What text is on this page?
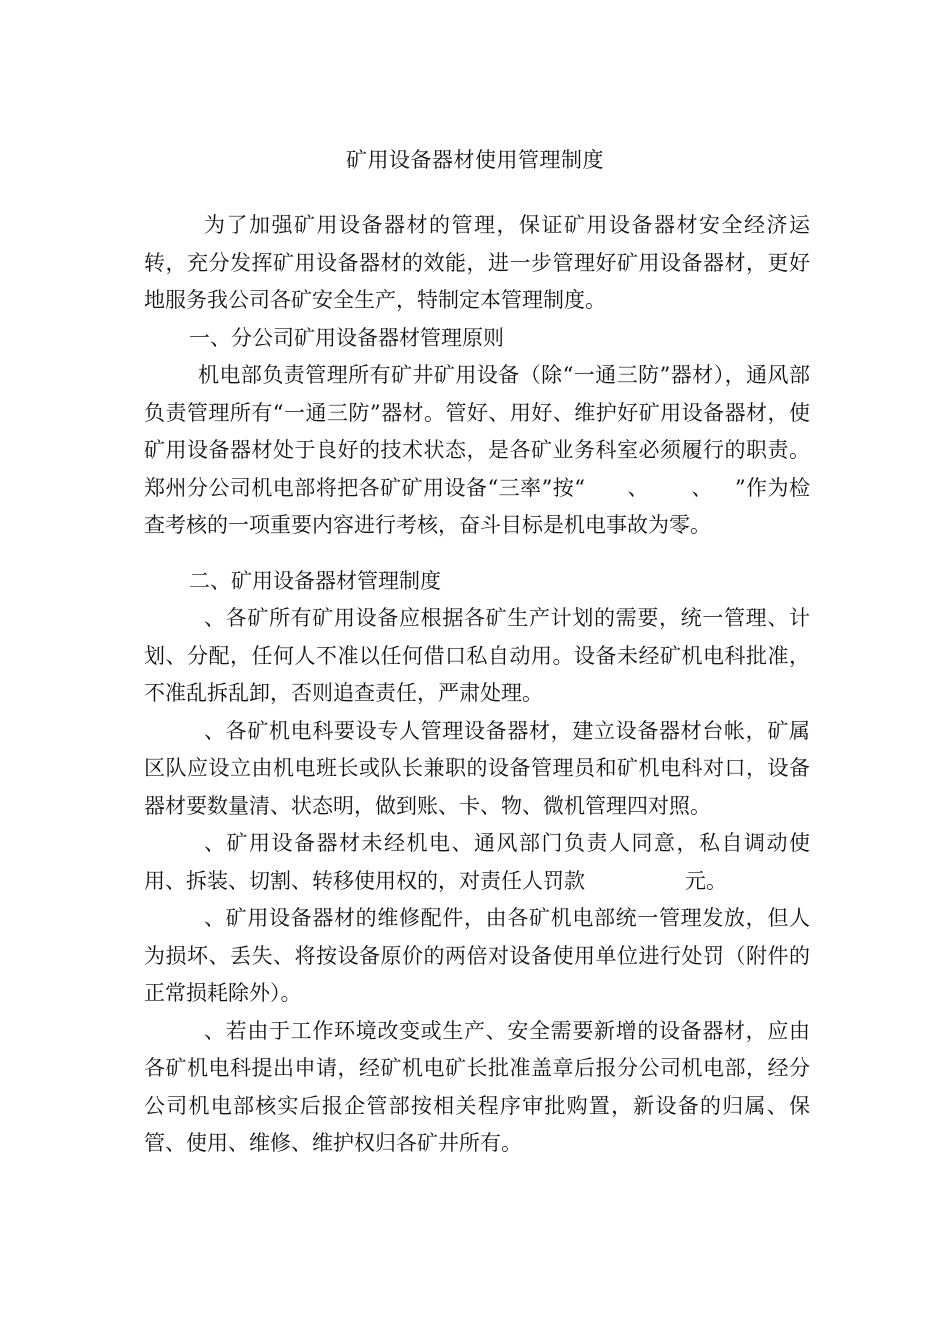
矿用设备器材使用管理制度

为了加强矿用设备器材的管理，保证矿用设备器材安全经济运转，充分发挥矿用设备器材的效能，进一步管理好矿用设备器材，更好地服务我公司各矿安全生产，特制定本管理制度。

一、分公司矿用设备器材管理原则

机电部负责管理所有矿井矿用设备（除“一通三防”器材），通风部负责管理所有“一通三防”器材。管好、用好、维护好矿用设备器材，使矿用设备器材处于良好的技术状态，是各矿业务科室必须履行的职责。郑州分公司机电部将把各矿矿用设备“三率”按“ 、 、 ”作为检查考核的一项重要内容进行考核，奋斗目标是机电事故为零。

二、矿用设备器材管理制度

、各矿所有矿用设备应根据各矿生产计划的需要，统一管理、计划、分配，任何人不准以任何借口私自动用。设备未经矿机电科批准，不准乱拆乱卸，否则追查责任，严肃处理。

、各矿机电科要设专人管理设备器材，建立设备器材台帐，矿属区队应设立由机电班长或队长兼职的设备管理员和矿机电科对口，设备器材要数量清、状态明，做到账、卡、物、微机管理四对照。

、矿用设备器材未经机电、通风部门负责人同意，私自调动使用、拆装、切割、转移使用权的，对责任人罚款	元。

、矿用设备器材的维修配件，由各矿机电部统一管理发放，但人为损坏、丢失、将按设备原价的两倍对设备使用单位进行处罚（附件的正常损耗除外）。

、若由于工作环境改变或生产、安全需要新增的设备器材，应由各矿机电科提出申请，经矿机电矿长批准盖章后报分公司机电部，经分公司机电部核实后报企管部按相关程序审批购置，新设备的归属、保管、使用、维修、维护权归各矿井所有。
